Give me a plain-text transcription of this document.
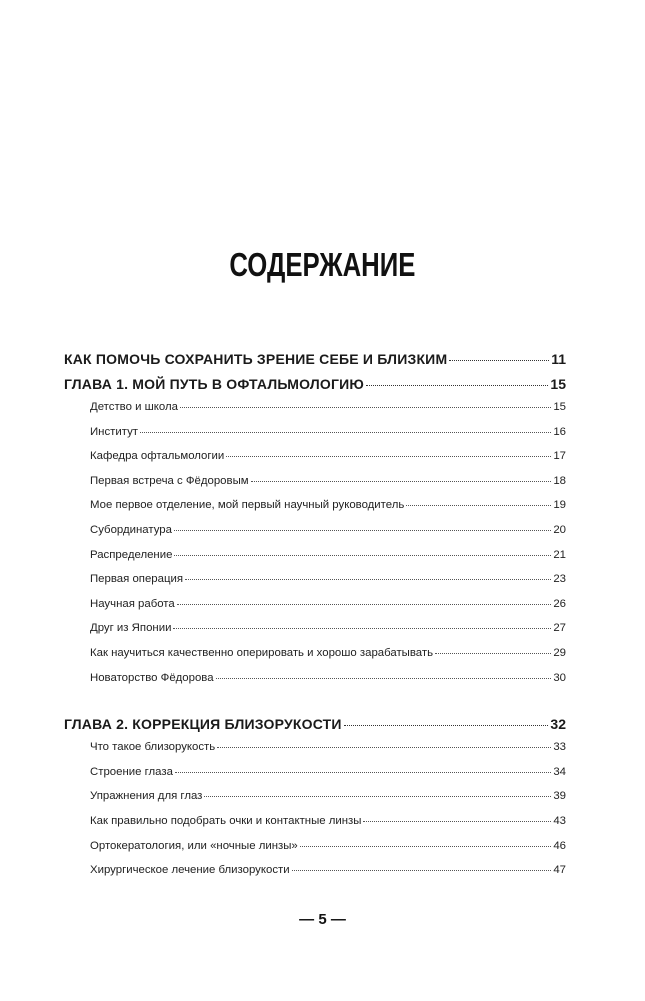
СОДЕРЖАНИЕ
КАК ПОМОЧЬ СОХРАНИТЬ ЗРЕНИЕ СЕБЕ И БЛИЗКИМ	11
ГЛАВА 1. МОЙ ПУТЬ В ОФТАЛЬМОЛОГИЮ	15
Детство и школа	15
Институт	16
Кафедра офтальмологии	17
Первая встреча с Фёдоровым	18
Мое первое отделение, мой первый научный руководитель	19
Субординатура	20
Распределение	21
Первая операция	23
Научная работа	26
Друг из Японии	27
Как научиться качественно оперировать и хорошо зарабатывать	29
Новаторство Фёдорова	30
ГЛАВА 2. КОРРЕКЦИЯ БЛИЗОРУКОСТИ	32
Что такое близорукость	33
Строение глаза	34
Упражнения для глаз	39
Как правильно подобрать очки и контактные линзы	43
Ортокератология, или «ночные линзы»	46
Хирургическое лечение близорукости	47
— 5 —
